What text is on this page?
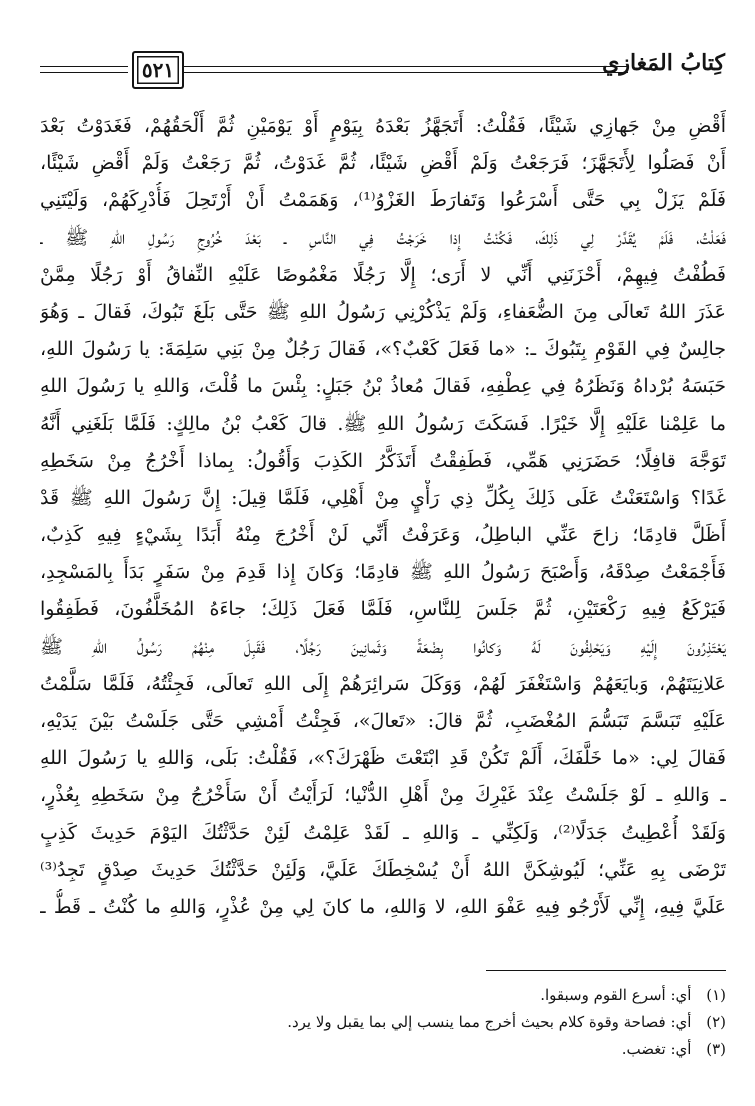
كِتابُ المَغازي
٥٢١
أَقْضِ مِنْ جَهازِي شَيْئًا، فَقُلْتُ: أَتَجَهَّزُ بَعْدَهُ بِيَوْمٍ أَوْ يَوْمَيْنِ ثُمَّ أَلْحَقُهُمْ، فَغَدَوْتُ بَعْدَ
أَنْ فَصَلُوا لِأَتَجَهَّزَ؛ فَرَجَعْتُ وَلَمْ أَقْضِ شَيْئًا، ثُمَّ غَدَوْتُ، ثُمَّ رَجَعْتُ وَلَمْ أَقْضِ شَيْئًا،
فَلَمْ يَزَلْ بِي حَتَّى أَسْرَعُوا وَتَفارَطَ الغَزْوُ⁽¹⁾، وَهَمَمْتُ أَنْ أَرْتَحِلَ فَأُدْرِكَهُمْ، وَلَيْتَنِي
فَعَلْتُ، فَلَمْ يُقَدَّرْ لِي ذَلِكَ، فَكُنْتُ إِذا خَرَجْتُ فِي النَّاسِ ـ بَعْدَ خُرُوجِ رَسُولِ اللهِ ﷺ ـ
فَطُفْتُ فِيهِمْ، أَحْزَنَنِي أَنِّي لا أَرَى؛ إِلَّا رَجُلًا مَغْمُوصًا عَلَيْهِ النِّفاقُ أَوْ رَجُلًا مِمَّنْ
عَذَرَ اللهُ تَعالَى مِنَ الضُّعَفاءِ، وَلَمْ يَذْكُرْنِي رَسُولُ اللهِ ﷺ حَتَّى بَلَغَ تَبُوكَ، فَقالَ ـ وَهُوَ
جالِسٌ فِي القَوْمِ بِتَبُوكَ ـ: «ما فَعَلَ كَعْبٌ؟»، فَقالَ رَجُلٌ مِنْ بَنِي سَلِمَةَ: يا رَسُولَ اللهِ،
حَبَسَهُ بُرْداهُ وَنَظَرُهُ فِي عِطْفِهِ، فَقالَ مُعاذُ بْنُ جَبَلٍ: بِئْسَ ما قُلْتَ، وَاللهِ يا رَسُولَ اللهِ
ما عَلِمْنا عَلَيْهِ إِلَّا خَيْرًا. فَسَكَتَ رَسُولُ اللهِ ﷺ. قالَ كَعْبُ بْنُ مالِكٍ: فَلَمَّا بَلَغَنِي أَنَّهُ
تَوَجَّهَ قافِلًا؛ حَضَرَنِي هَمِّي، فَطَفِقْتُ أَتَذَكَّرُ الكَذِبَ وَأَقُولُ: بِماذا أَخْرُجُ مِنْ سَخَطِهِ
غَدًا؟ وَاسْتَعَنْتُ عَلَى ذَلِكَ بِكُلِّ ذِي رَأْيٍ مِنْ أَهْلِي، فَلَمَّا قِيلَ: إِنَّ رَسُولَ اللهِ ﷺ قَدْ
أَظَلَّ قادِمًا؛ زاحَ عَنِّي الباطِلُ، وَعَرَفْتُ أَنِّي لَنْ أَخْرُجَ مِنْهُ أَبَدًا بِشَيْءٍ فِيهِ كَذِبٌ،
فَأَجْمَعْتُ صِدْقَهُ، وَأَصْبَحَ رَسُولُ اللهِ ﷺ قادِمًا؛ وَكانَ إِذا قَدِمَ مِنْ سَفَرٍ بَدَأَ بِالمَسْجِدِ،
فَيَرْكَعُ فِيهِ رَكْعَتَيْنِ، ثُمَّ جَلَسَ لِلنَّاسِ، فَلَمَّا فَعَلَ ذَلِكَ؛ جاءَهُ المُخَلَّفُونَ، فَطَفِقُوا
يَعْتَذِرُونَ إِلَيْهِ وَيَحْلِفُونَ لَهُ وَكانُوا بِضْعَةً وَثَمانِينَ رَجُلًا، فَقَبِلَ مِنْهُمْ رَسُولُ اللهِ ﷺ
عَلانِيَتَهُمْ، وَبايَعَهُمْ وَاسْتَغْفَرَ لَهُمْ، وَوَكَلَ سَرائِرَهُمْ إِلَى اللهِ تَعالَى، فَجِئْتُهُ، فَلَمَّا سَلَّمْتُ
عَلَيْهِ تَبَسَّمَ تَبَسُّمَ المُغْضَبِ، ثُمَّ قالَ: «تَعالَ»، فَجِئْتُ أَمْشِي حَتَّى جَلَسْتُ بَيْنَ يَدَيْهِ،
فَقالَ لِي: «ما خَلَّفَكَ، أَلَمْ تَكُنْ قَدِ ابْتَعْتَ ظَهْرَكَ؟»، فَقُلْتُ: بَلَى، وَاللهِ يا رَسُولَ اللهِ
ـ وَاللهِ ـ لَوْ جَلَسْتُ عِنْدَ غَيْرِكَ مِنْ أَهْلِ الدُّنْيا؛ لَرَأَيْتُ أَنْ سَأَخْرُجُ مِنْ سَخَطِهِ بِعُذْرٍ،
وَلَقَدْ أُعْطِيتُ جَدَلًا⁽²⁾، وَلَكِنِّي ـ وَاللهِ ـ لَقَدْ عَلِمْتُ لَئِنْ حَدَّثْتُكَ اليَوْمَ حَدِيثَ كَذِبٍ
تَرْضَى بِهِ عَنِّي؛ لَيُوشِكَنَّ اللهُ أَنْ يُسْخِطَكَ عَلَيَّ، وَلَئِنْ حَدَّثْتُكَ حَدِيثَ صِدْقٍ تَجِدُ⁽³⁾
عَلَيَّ فِيهِ، إِنِّي لَأَرْجُو فِيهِ عَفْوَ اللهِ، لا وَاللهِ، ما كانَ لِي مِنْ عُذْرٍ، وَاللهِ ما كُنْتُ ـ قَطُّ ـ
(١) أي: أسرع القوم وسبقوا.
(٢) أي: فصاحة وقوة كلام بحيث أخرج مما ينسب إلي بما يقبل ولا يرد.
(٣) أي: تغضب.
